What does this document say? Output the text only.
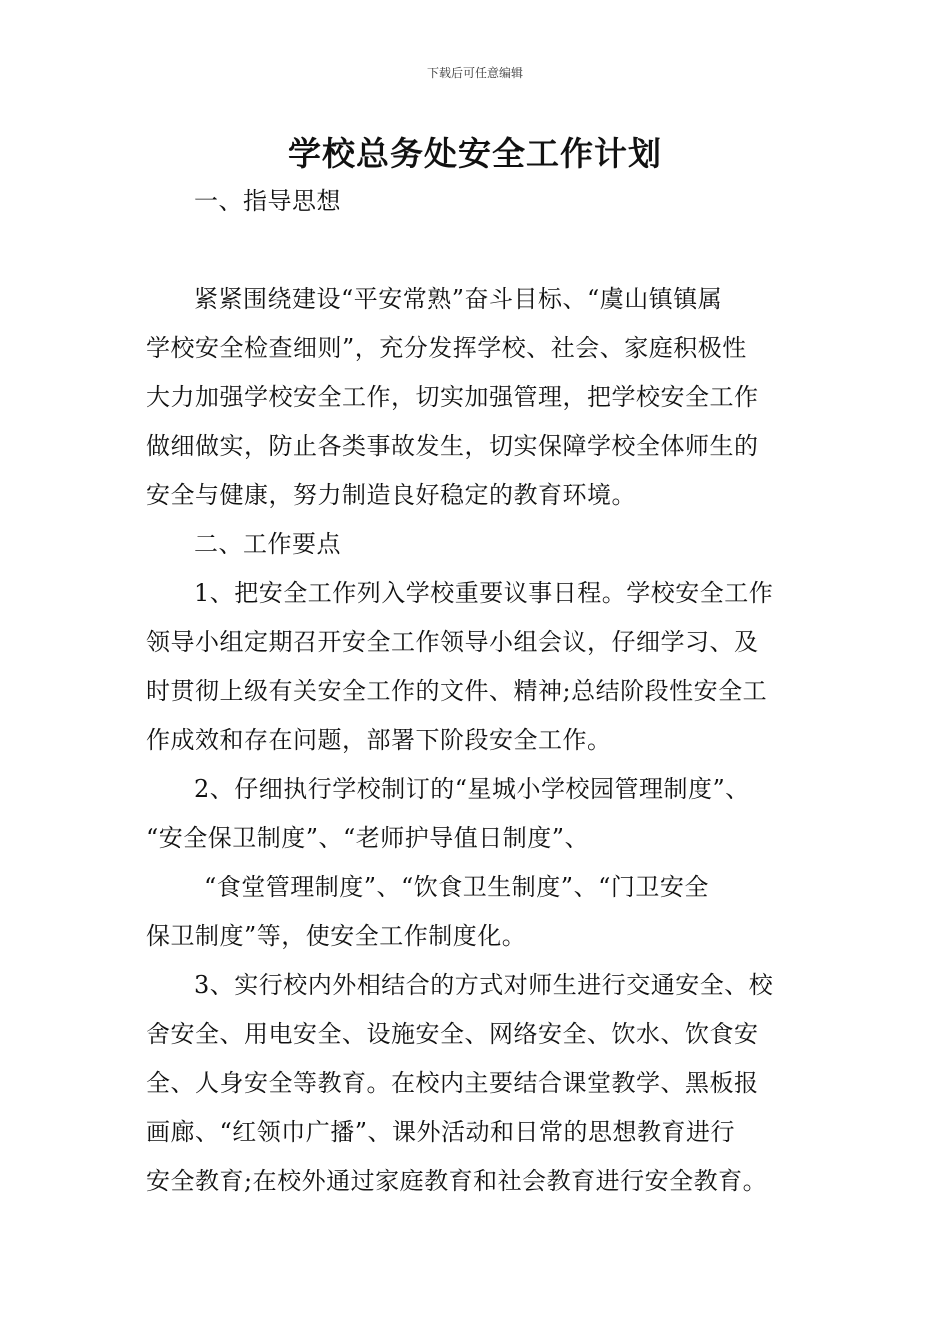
下载后可任意编辑
学校总务处安全工作计划

一、指导思想

紧紧围绕建设“平安常熟”奋斗目标、“虞山镇镇属
学校安全检查细则”，充分发挥学校、社会、家庭积极性
大力加强学校安全工作，切实加强管理，把学校安全工作
做细做实，防止各类事故发生，切实保障学校全体师生的
安全与健康，努力制造良好稳定的教育环境。

二、工作要点

1、把安全工作列入学校重要议事日程。学校安全工作
领导小组定期召开安全工作领导小组会议，仔细学习、及
时贯彻上级有关安全工作的文件、精神;总结阶段性安全工
作成效和存在问题，部署下阶段安全工作。

2、仔细执行学校制订的“星城小学校园管理制度”、
“安全保卫制度”、“老师护导值日制度”、

“食堂管理制度”、“饮食卫生制度”、“门卫安全
保卫制度”等，使安全工作制度化。

3、实行校内外相结合的方式对师生进行交通安全、校
舍安全、用电安全、设施安全、网络安全、饮水、饮食安
全、人身安全等教育。在校内主要结合课堂教学、黑板报
画廊、“红领巾广播”、课外活动和日常的思想教育进行
安全教育;在校外通过家庭教育和社会教育进行安全教育。
